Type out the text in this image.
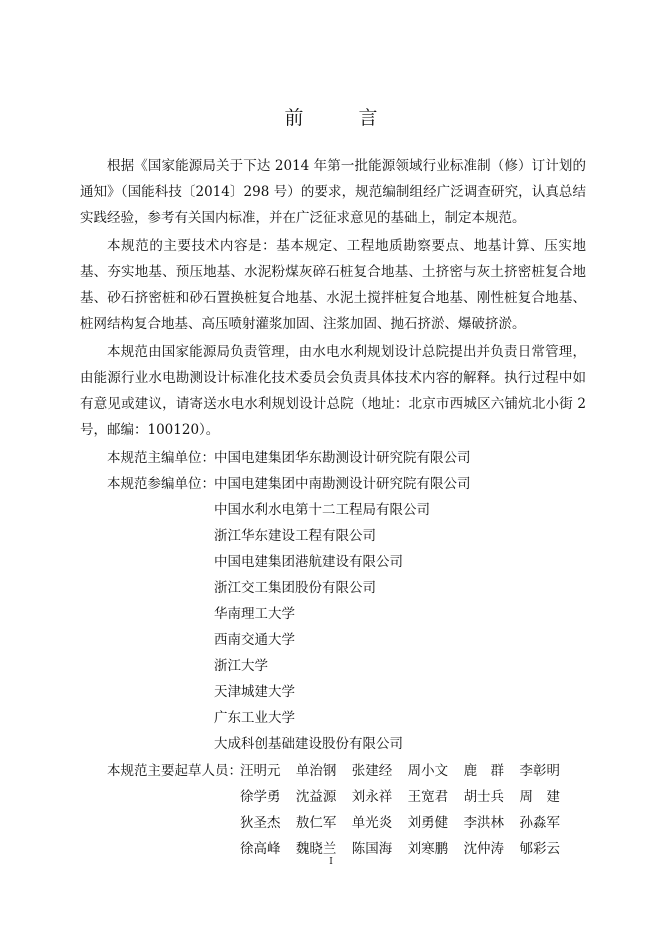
前　言

根据《国家能源局关于下达 2014 年第一批能源领域行业标准制（修）订计划的通知》（国能科技〔2014〕298 号）的要求，规范编制组经广泛调查研究，认真总结实践经验，参考有关国内标准，并在广泛征求意见的基础上，制定本规范。

本规范的主要技术内容是：基本规定、工程地质勘察要点、地基计算、压实地基、夯实地基、预压地基、水泥粉煤灰碎石桩复合地基、土挤密与灰土挤密桩复合地基、砂石挤密桩和砂石置换桩复合地基、水泥土搅拌桩复合地基、刚性桩复合地基、桩网结构复合地基、高压喷射灌浆加固、注浆加固、抛石挤淤、爆破挤淤。

本规范由国家能源局负责管理，由水电水利规划设计总院提出并负责日常管理，由能源行业水电勘测设计标准化技术委员会负责具体技术内容的解释。执行过程中如有意见或建议，请寄送水电水利规划设计总院（地址：北京市西城区六铺炕北小街 2 号，邮编：100120）。

本规范主编单位： 中国电建集团华东勘测设计研究院有限公司
本规范参编单位： 中国电建集团中南勘测设计研究院有限公司
中国水利水电第十二工程局有限公司
浙江华东建设工程有限公司
中国电建集团港航建设有限公司
浙江交工集团股份有限公司
华南理工大学
西南交通大学
浙江大学
天津城建大学
广东工业大学
大成科创基础建设股份有限公司
本规范主要起草人员：
汪明元 单治钢 张建经 周小文 鹿　群 李彰明
徐学勇 沈益源 刘永祥 王宽君 胡士兵 周　建
狄圣杰 敖仁军 单光炎 刘勇健 李洪林 孙淼军
徐高峰 魏晓兰 陈国海 刘寒鹏 沈仲涛 郇彩云
I
